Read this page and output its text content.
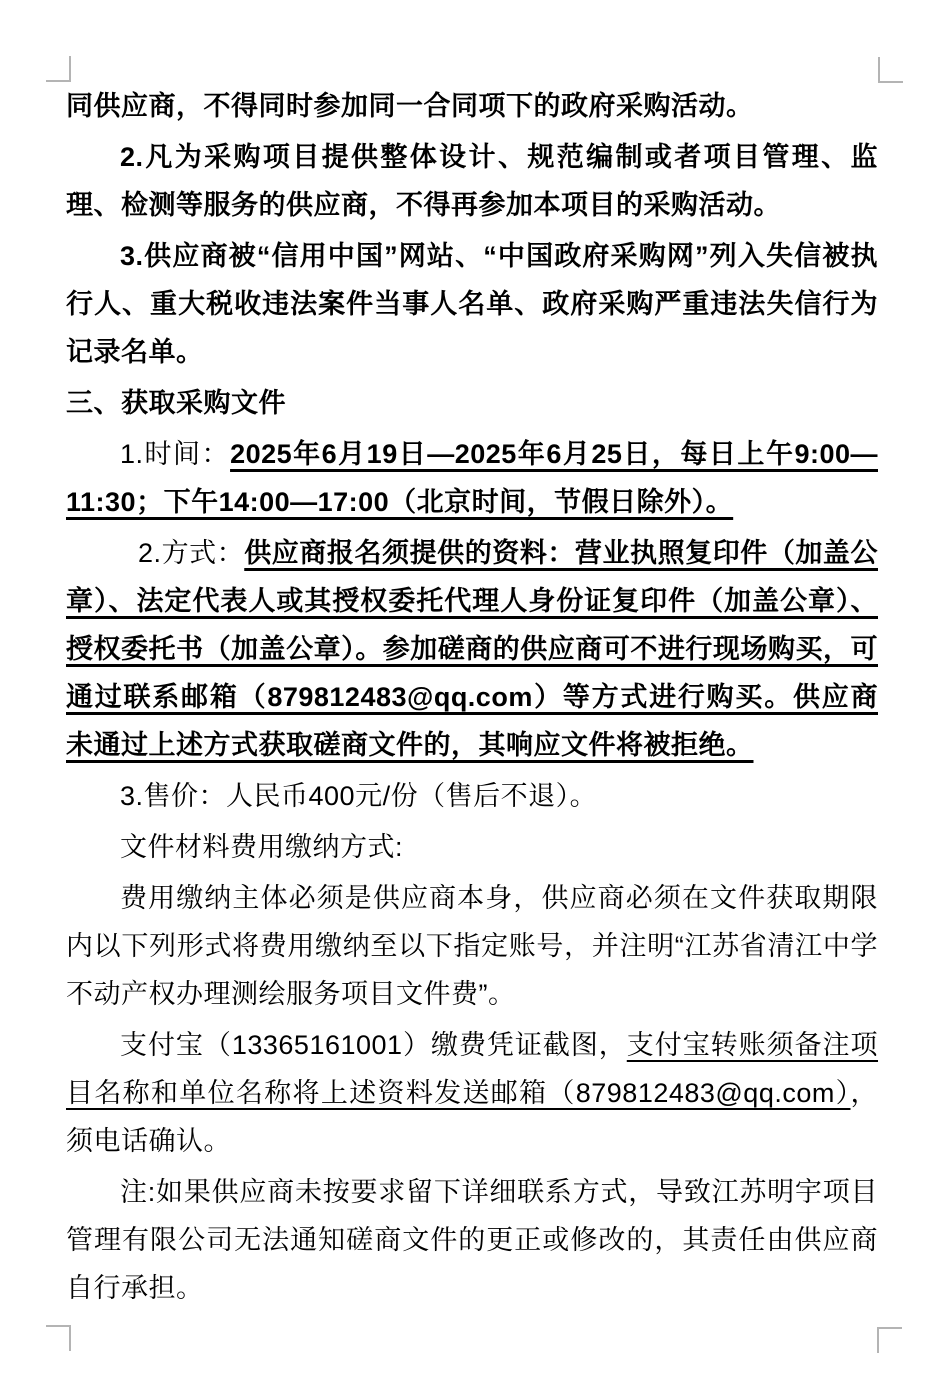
同供应商，不得同时参加同一合同项下的政府采购活动。

2.凡为采购项目提供整体设计、规范编制或者项目管理、监理、检测等服务的供应商，不得再参加本项目的采购活动。

3.供应商被“信用中国”网站、“中国政府采购网”列入失信被执行人、重大税收违法案件当事人名单、政府采购严重违法失信行为记录名单。

三、获取采购文件

1.时间：2025年6月19日—2025年6月25日，每日上午9:00—11:30；下午14:00—17:00（北京时间，节假日除外）。

2.方式：供应商报名须提供的资料：营业执照复印件（加盖公章）、法定代表人或其授权委托代理人身份证复印件（加盖公章）、授权委托书（加盖公章）。参加磋商的供应商可不进行现场购买，可通过联系邮箱（879812483@qq.com）等方式进行购买。供应商未通过上述方式获取磋商文件的，其响应文件将被拒绝。

3.售价：人民币400元/份（售后不退）。

文件材料费用缴纳方式:

费用缴纳主体必须是供应商本身，供应商必须在文件获取期限内以下列形式将费用缴纳至以下指定账号，并注明“江苏省清江中学不动产权办理测绘服务项目文件费”。

支付宝（13365161001）缴费凭证截图，支付宝转账须备注项目名称和单位名称将上述资料发送邮箱（879812483@qq.com），须电话确认。

注:如果供应商未按要求留下详细联系方式，导致江苏明宇项目管理有限公司无法通知磋商文件的更正或修改的，其责任由供应商自行承担。
